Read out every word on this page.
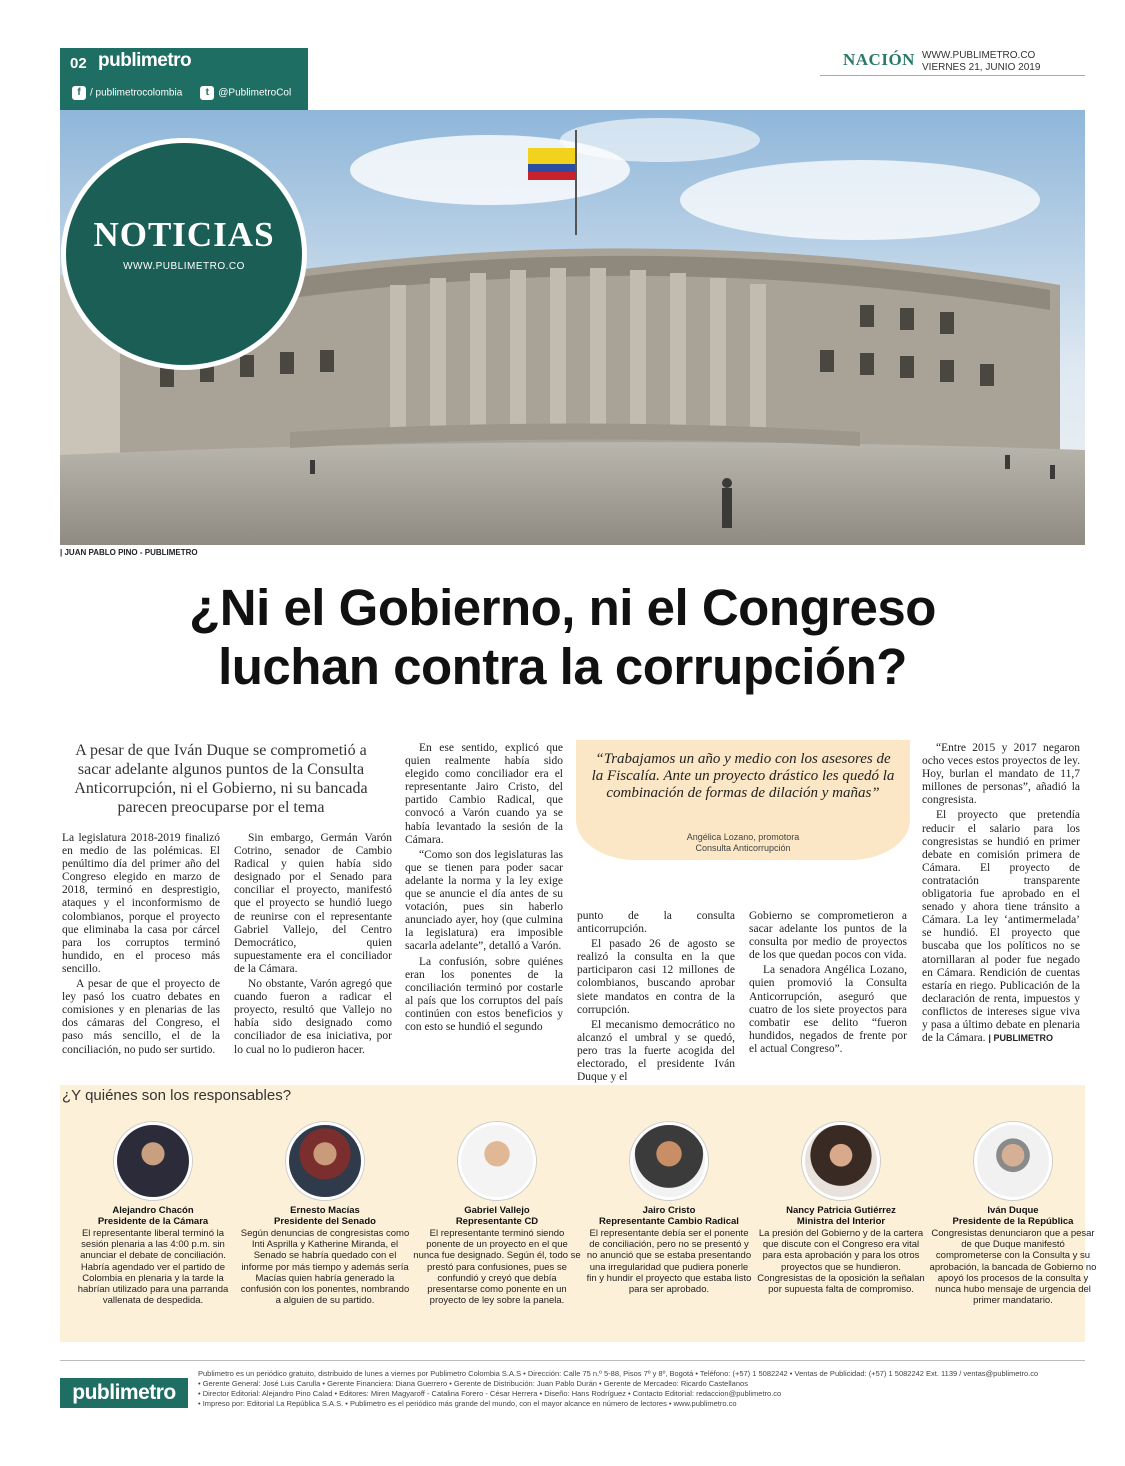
02 publimetro
f / publimetrocolombia	t @PublimetroCol
NACIÓN WWW.PUBLIMETRO.CO
VIERNES 21, JUNIO 2019
| JUAN PABLO PINO - PUBLIMETRO
NOTICIAS
WWW.PUBLIMETRO.CO
¿Ni el Gobierno, ni el Congreso
luchan contra la corrupción?
A pesar de que Iván Duque se comprometió a sacar adelante algunos puntos de la Consulta Anticorrupción, ni el Gobierno, ni su bancada parecen preocuparse por el tema

La legislatura 2018-2019 finalizó en medio de las polémicas. El penúltimo día del primer año del Congreso elegido en marzo de 2018, terminó en desprestigio, ataques y el inconformismo de colombianos, porque el proyecto que eliminaba la casa por cárcel para los corruptos terminó hundido, en el proceso más sencillo.

A pesar de que el proyecto de ley pasó los cuatro debates en comisiones y en plenarias de las dos cámaras del Congreso, el paso más sencillo, el de la conciliación, no pudo ser surtido.

Sin embargo, Germán Varón Cotrino, senador de Cambio Radical y quien había sido designado por el Senado para conciliar el proyecto, manifestó que el proyecto se hundió luego de reunirse con el representante Gabriel Vallejo, del Centro Democrático, quien supuestamente era el conciliador de la Cámara.

No obstante, Varón agregó que cuando fueron a radicar el proyecto, resultó que Vallejo no había sido designado como conciliador de esa iniciativa, por lo cual no lo pudieron hacer.

En ese sentido, explicó que quien realmente había sido elegido como conciliador era el representante Jairo Cristo, del partido Cambio Radical, que convocó a Varón cuando ya se había levantado la sesión de la Cámara.

“Como son dos legislaturas las que se tienen para poder sacar adelante la norma y la ley exige que se anuncie el día antes de su votación, pues sin haberlo anunciado ayer, hoy (que culmina la legislatura) era imposible sacarla adelante”, detalló a Varón.

La confusión, sobre quiénes eran los ponentes de la conciliación terminó por costarle al país que los corruptos del país continúen con estos beneficios y con esto se hundió el segundo

punto de la consulta anticorrupción.

El pasado 26 de agosto se realizó la consulta en la que participaron casi 12 millones de colombianos, buscando aprobar siete mandatos en contra de la corrupción.

El mecanismo democrático no alcanzó el umbral y se quedó, pero tras la fuerte acogida del electorado, el presidente Iván Duque y el

Gobierno se comprometieron a sacar adelante los puntos de la consulta por medio de proyectos de los que quedan pocos con vida.

La senadora Angélica Lozano, quien promovió la Consulta Anticorrupción, aseguró que cuatro de los siete proyectos para combatir ese delito “fueron hundidos, negados de frente por el actual Congreso”.

“Entre 2015 y 2017 negaron ocho veces estos proyectos de ley. Hoy, burlan el mandato de 11,7 millones de personas”, añadió la congresista.

El proyecto que pretendía reducir el salario para los congresistas se hundió en primer debate en comisión primera de Cámara. El proyecto de contratación transparente obligatoria fue aprobado en el senado y ahora tiene tránsito a Cámara. La ley ‘antimermelada’ se hundió. El proyecto que buscaba que los políticos no se atornillaran al poder fue negado en Cámara. Rendición de cuentas estaría en riego. Publicación de la declaración de renta, impuestos y conflictos de intereses sigue viva y pasa a último debate en plenaria de la Cámara. | PUBLIMETRO

“Trabajamos un año y medio con los asesores de la Fiscalía. Ante un proyecto drástico les quedó la combinación de formas de dilación y mañas”
Angélica Lozano, promotora
Consulta Anticorrupción
¿Y quiénes son los responsables?
Alejandro Chacón
Presidente de la Cámara
El representante liberal terminó la sesión plenaria a las 4:00 p.m. sin anunciar el debate de conciliación. Habría agendado ver el partido de Colombia en plenaria y la tarde la habrían utilizado para una parranda vallenata de despedida.
Ernesto Macías
Presidente del Senado
Según denuncias de congresistas como Inti Asprilla y Katherine Miranda, el Senado se habría quedado con el informe por más tiempo y además sería Macías quien habría generado la confusión con los ponentes, nombrando a alguien de su partido.
Gabriel Vallejo
Representante CD
El representante terminó siendo ponente de un proyecto en el que nunca fue designado. Según él, todo se prestó para confusiones, pues se confundió y creyó que debía presentarse como ponente en un proyecto de ley sobre la panela.
Jairo Cristo
Representante Cambio Radical
El representante debía ser el ponente de conciliación, pero no se presentó y no anunció que se estaba presentando una irregularidad que pudiera ponerle fin y hundir el proyecto que estaba listo para ser aprobado.
Nancy Patricia Gutiérrez
Ministra del Interior
La presión del Gobierno y de la cartera que discute con el Congreso era vital para esta aprobación y para los otros proyectos que se hundieron. Congresistas de la oposición la señalan por supuesta falta de compromiso.
Iván Duque
Presidente de la República
Congresistas denunciaron que a pesar de que Duque manifestó comprometerse con la Consulta y su aprobación, la bancada de Gobierno no apoyó los procesos de la consulta y nunca hubo mensaje de urgencia del primer mandatario.
publimetro
Publimetro es un periódico gratuito, distribuido de lunes a viernes por Publimetro Colombia S.A.S • Dirección: Calle 75 n.º 5-88, Pisos 7º y 8º, Bogotá • Teléfono: (+57) 1 5082242 • Ventas de Publicidad: (+57) 1 5082242 Ext. 1139 / ventas@publimetro.co
• Gerente General: José Luis Carulla • Gerente Financiera: Diana Guerrero • Gerente de Distribución: Juan Pablo Durán • Gerente de Mercadeo: Ricardo Castellanos
• Director Editorial: Alejandro Pino Calad • Editores: Miren Magyaroff - Catalina Forero - César Herrera • Diseño: Hans Rodríguez • Contacto Editorial: redaccion@publimetro.co
• Impreso por: Editorial La República S.A.S. • Publimetro es el periódico más grande del mundo, con el mayor alcance en número de lectores • www.publimetro.co
